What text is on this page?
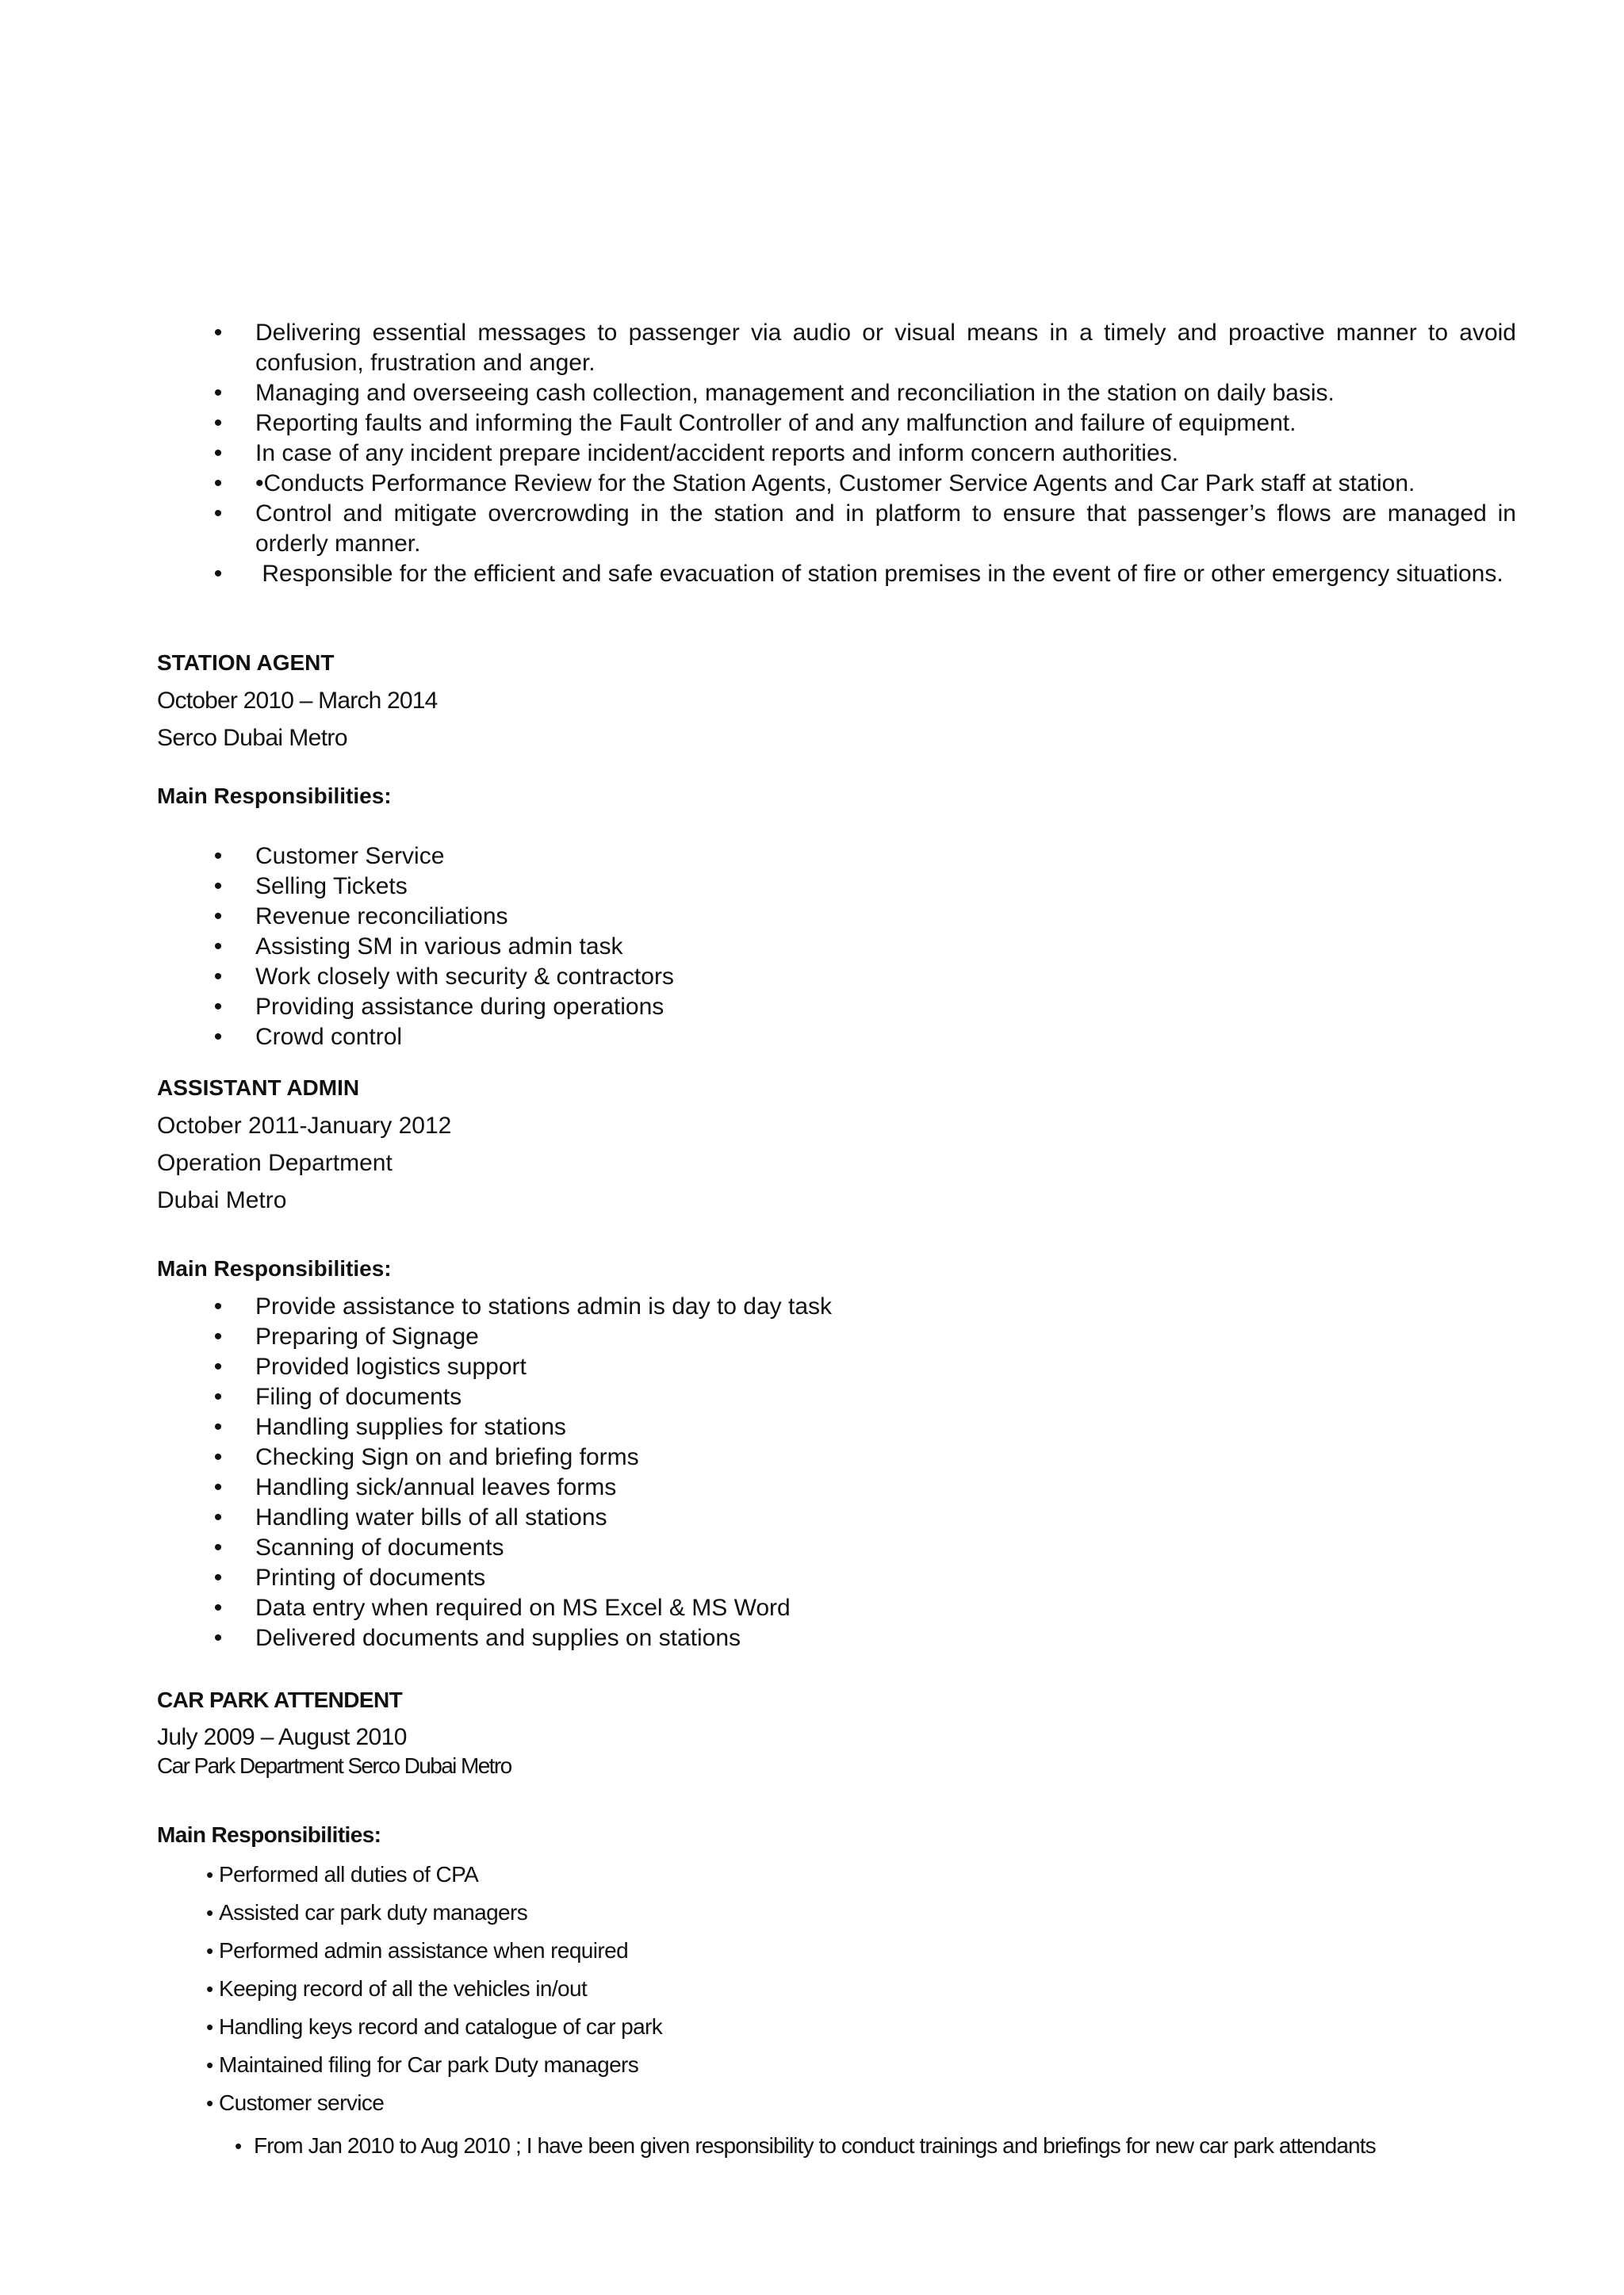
•	Delivering essential messages to passenger via audio or visual means in a timely and proactive manner to avoid confusion, frustration and anger.
•	Managing and overseeing cash collection, management and reconciliation in the station on daily basis.
•	Reporting faults and informing the Fault Controller of and any malfunction and failure of equipment.
•	In case of any incident prepare incident/accident reports and inform concern authorities.
•	•Conducts Performance Review for the Station Agents, Customer Service Agents and Car Park staff at station.
•	Control and mitigate overcrowding in the station and in platform to ensure that passenger’s flows are managed in orderly manner.
•	Responsible for the efficient and safe evacuation of station premises in the event of fire or other emergency situations.
STATION AGENT
October 2010 – March 2014
Serco Dubai Metro
Main Responsibilities:
•	Customer Service
•	Selling Tickets
•	Revenue reconciliations
•	Assisting SM in various admin task
•	Work closely with security & contractors
•	Providing assistance during operations
•	Crowd control
ASSISTANT ADMIN
October 2011-January 2012
Operation Department
Dubai Metro
Main Responsibilities:
•	Provide assistance to stations admin is day to day task
•	Preparing of Signage
•	Provided logistics support
•	Filing of documents
•	Handling supplies for stations
•	Checking Sign on and briefing forms
•	Handling sick/annual leaves forms
•	Handling water bills of all stations
•	Scanning of documents
•	Printing of documents
•	Data entry when required on MS Excel & MS Word
•	Delivered documents and supplies on stations
CAR PARK ATTENDENT
July 2009 – August 2010
Car Park Department Serco Dubai Metro
Main Responsibilities:
• Performed all duties of CPA
• Assisted car park duty managers
• Performed admin assistance when required
• Keeping record of all the vehicles in/out
• Handling keys record and catalogue of car park
• Maintained filing for Car park Duty managers
• Customer service
• From Jan 2010 to Aug 2010 ; I have been given responsibility to conduct trainings and briefings for new car park attendants
